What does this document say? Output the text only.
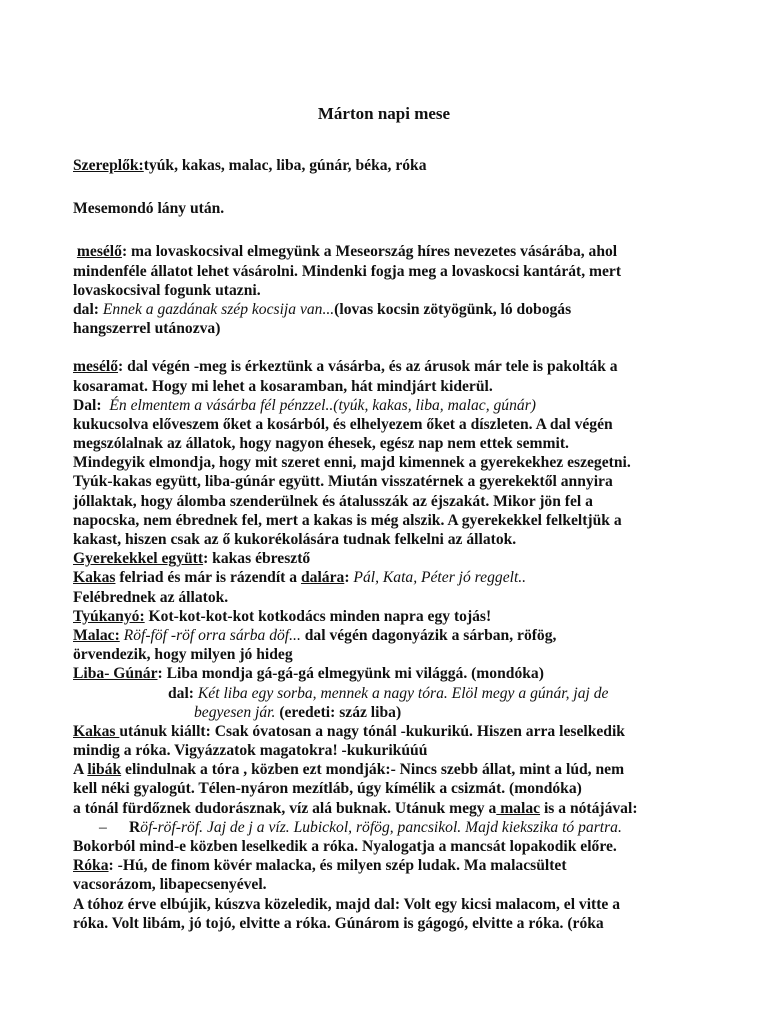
Márton napi mese
Szereplők:tyúk, kakas, malac, liba, gúnár, béka, róka
Mesemondó lány után.
mesélő: ma lovaskocsival elmegyünk a Meseország híres nevezetes vásárába, ahol
mindenféle állatot lehet vásárolni. Mindenki fogja meg a lovaskocsi kantárát, mert
lovaskocsival fogunk utazni.
dal: Ennek a gazdának szép kocsija van...(lovas kocsin zötyögünk, ló dobogás
hangszerrel utánozva)
mesélő: dal végén -meg is érkeztünk a vásárba, és az árusok már tele is pakolták a
kosaramat. Hogy mi lehet a kosaramban, hát mindjárt kiderül.
Dal: Én elmentem a vásárba fél pénzzel..(tyúk, kakas, liba, malac, gúnár)
kukucsolva előveszem őket a kosárból, és elhelyezem őket a díszleten. A dal végén
megszólalnak az állatok, hogy nagyon éhesek, egész nap nem ettek semmit.
Mindegyik elmondja, hogy mit szeret enni, majd kimennek a gyerekekhez eszegetni.
Tyúk-kakas együtt, liba-gúnár együtt. Miután visszatérnek a gyerekektől annyira
jóllaktak, hogy álomba szenderülnek és átalusszák az éjszakát. Mikor jön fel a
napocska, nem ébrednek fel, mert a kakas is még alszik. A gyerekekkel felkeltjük a
kakast, hiszen csak az ő kukorékolására tudnak felkelni az állatok.
Gyerekekkel együtt: kakas ébresztő
Kakas felriad és már is rázendít a dalára: Pál, Kata, Péter jó reggelt..
Felébrednek az állatok.
Tyúkanyó: Kot-kot-kot-kot kotkodács minden napra egy tojás!
Malac: Röf-föf -röf orra sárba döf... dal végén dagonyázik a sárban, röfög,
örvendezik, hogy milyen jó hideg
Liba- Gúnár: Liba mondja gá-gá-gá elmegyünk mi világgá. (mondóka)
dal: Két liba egy sorba, mennek a nagy tóra. Elöl megy a gúnár, jaj de
begyesen jár. (eredeti: száz liba)
Kakas utánuk kiállt: Csak óvatosan a nagy tónál -kukurikú. Hiszen arra leselkedik
mindig a róka. Vigyázzatok magatokra! -kukurikúúú
A libák elindulnak a tóra , közben ezt mondják:- Nincs szebb állat, mint a lúd, nem
kell néki gyalogút. Télen-nyáron mezítláb, úgy kímélik a csizmát. (mondóka)
a tónál fürdőznek dudorásznak, víz alá buknak. Utánuk megy a malac is a nótájával:
– Röf-röf-röf. Jaj de j a víz. Lubickol, röfög, pancsikol. Majd kiekszika tó partra.
Bokorból mind-e közben leselkedik a róka. Nyalogatja a mancsát lopakodik előre.
Róka: -Hú, de finom kövér malacka, és milyen szép ludak. Ma malacsültet
vacsorázom, libapecsenyével.
A tóhoz érve elbújik, kúszva közeledik, majd dal: Volt egy kicsi malacom, el vitte a
róka. Volt libám, jó tojó, elvitte a róka. Gúnárom is gágogó, elvitte a róka. (róka
